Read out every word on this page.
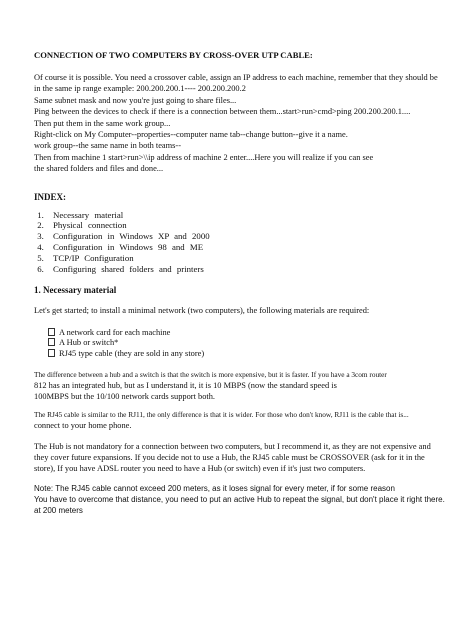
CONNECTION OF TWO COMPUTERS BY CROSS-OVER UTP CABLE:

Of course it is possible. You need a crossover cable, assign an IP address to each machine, remember that they should be

in the same ip range example: 200.200.200.1---- 200.200.200.2

Same subnet mask and now you're just going to share files...

Ping between the devices to check if there is a connection between them...start>run>cmd>ping 200.200.200.1....

Then put them in the same work group...

Right-click on My Computer--properties--computer name tab--change button--give it a name.

work group--the same name in both teams--

Then from machine 1 start>run>\\ip address of machine 2 enter....Here you will realize if you can see

the shared folders and files and done...

INDEX:
1. Necessary material
2. Physical connection
3. Configuration in Windows XP and 2000
4. Configuration in Windows 98 and ME
5. TCP/IP Configuration
6. Configuring shared folders and printers
1. Necessary material

Let's get started; to install a minimal network (two computers), the following materials are required:

A network card for each machine
A Hub or switch*
RJ45 type cable (they are sold in any store)

The difference between a hub and a switch is that the switch is more expensive, but it is faster. If you have a 3com router

812 has an integrated hub, but as I understand it, it is 10 MBPS (now the standard speed is

100MBPS but the 10/100 network cards support both.

The RJ45 cable is similar to the RJ11, the only difference is that it is wider. For those who don't know, RJ11 is the cable that is...

connect to your home phone.

The Hub is not mandatory for a connection between two computers, but I recommend it, as they are not expensive and

they cover future expansions. If you decide not to use a Hub, the RJ45 cable must be CROSSOVER (ask for it in the

store), If you have ADSL router you need to have a Hub (or switch) even if it's just two computers.

Note: The RJ45 cable cannot exceed 200 meters, as it loses signal for every meter, if for some reason

You have to overcome that distance, you need to put an active Hub to repeat the signal, but don't place it right there.

at 200 meters
